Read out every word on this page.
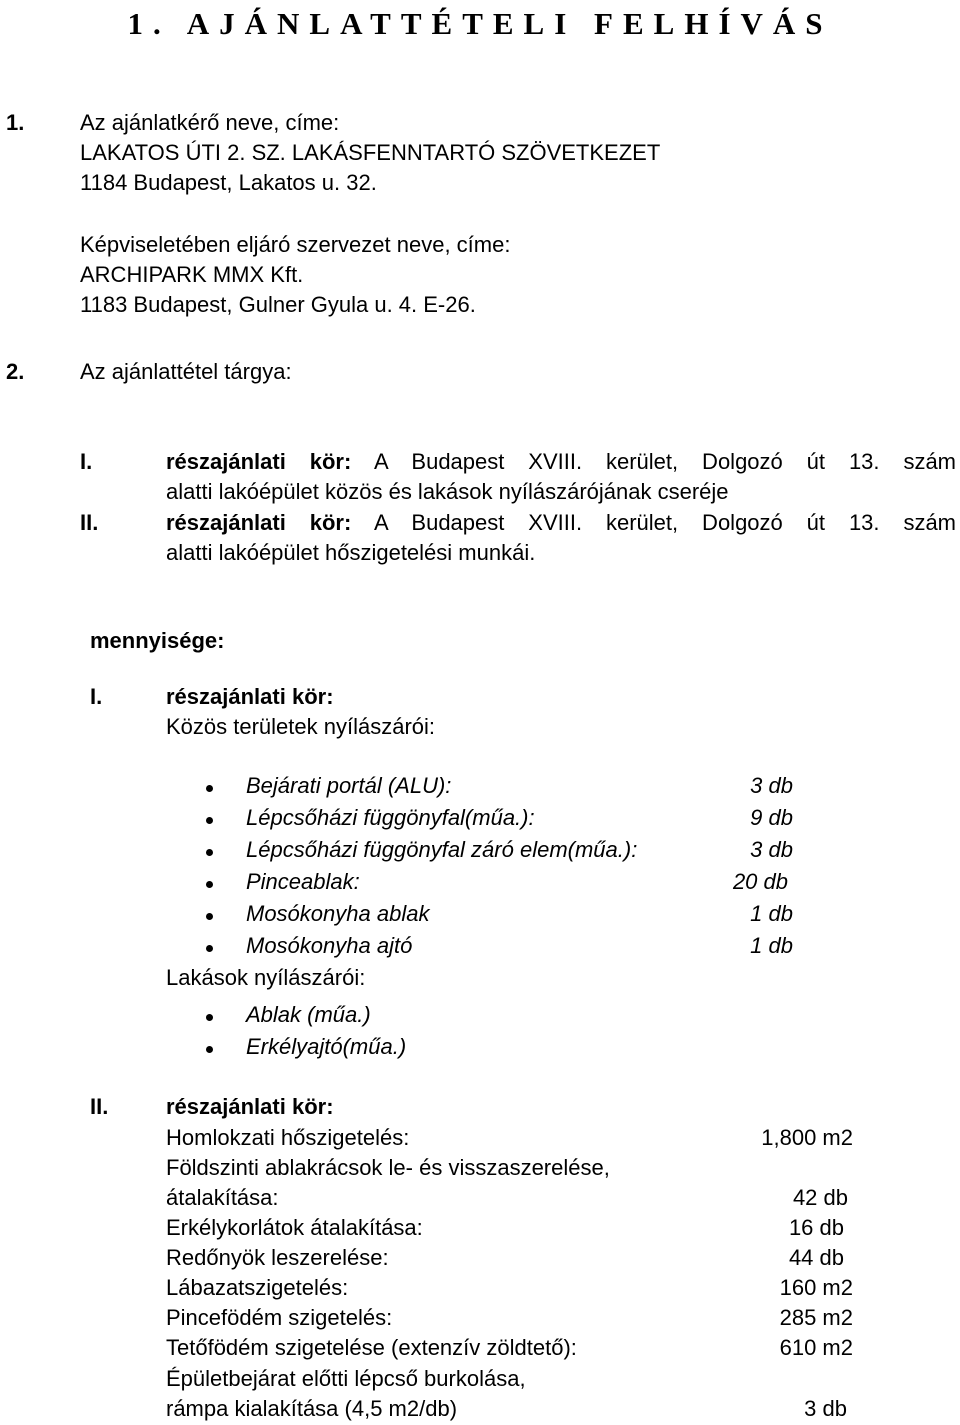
1. AJÁNLATTÉTELI FELHÍVÁS
1.	Az ajánlatkérő neve, címe:
LAKATOS ÚTI 2. SZ. LAKÁSFENNTARTÓ SZÖVETKEZET
1184 Budapest, Lakatos u. 32.
Képviseletében eljáró szervezet neve, címe:
ARCHIPARK MMX Kft.
1183 Budapest, Gulner Gyula u. 4. E-26.
2.	Az ajánlattétel tárgya:
I.	részajánlati kör: A Budapest XVIII. kerület, Dolgozó út 13. szám
alatti lakóépület közös és lakások nyílászárójának cseréje
II.	részajánlati kör: A Budapest XVIII. kerület, Dolgozó út 13. szám
alatti lakóépület hőszigetelési munkái.
mennyisége:
I.	részajánlati kör:
Közös területek nyílászárói:
Bejárati portál (ALU):	3 db
Lépcsőházi függönyfal(műa.):	9 db
Lépcsőházi függönyfal záró elem(műa.):	3 db
Pinceablak:	20 db
Mosókonyha ablak	1 db
Mosókonyha ajtó	1 db
Lakások nyílászárói:
Ablak (műa.)
Erkélyajtó(műa.)
II.	részajánlati kör:
Homlokzati hőszigetelés:	1,800 m2
Földszinti ablakrácsok le- és visszaszerelése,
átalakítása:	42 db
Erkélykorlátok átalakítása:	16 db
Redőnyök leszerelése:	44 db
Lábazatszigetelés:	160 m2
Pincefödém szigetelés:	285 m2
Tetőfödém szigetelése (extenzív zöldtető):	610 m2
Épületbejárat előtti lépcső burkolása,
rámpa kialakítása (4,5 m2/db)	3 db
